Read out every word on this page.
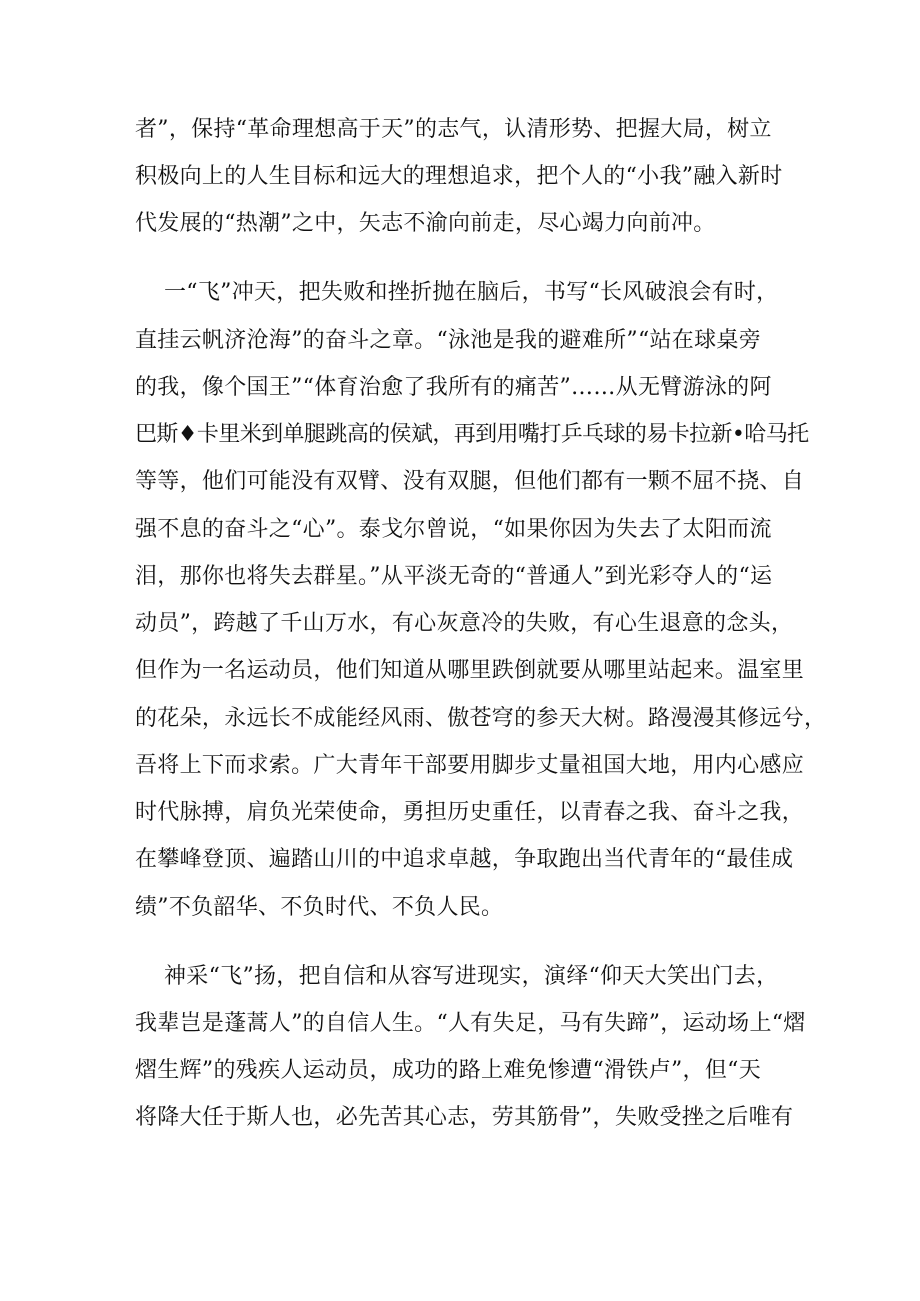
者”，保持“革命理想高于天”的志气，认清形势、把握大局，树立
积极向上的人生目标和远大的理想追求，把个人的“小我”融入新时
代发展的“热潮”之中，矢志不渝向前走，尽心竭力向前冲。
一“飞”冲天，把失败和挫折抛在脑后，书写“长风破浪会有时，
直挂云帆济沧海”的奋斗之章。“泳池是我的避难所”“站在球桌旁
的我，像个国王”“体育治愈了我所有的痛苦”……从无臂游泳的阿
巴斯♦卡里米到单腿跳高的侯斌，再到用嘴打乒乓球的易卡拉新•哈马托
等等，他们可能没有双臂、没有双腿，但他们都有一颗不屈不挠、自
强不息的奋斗之“心”。泰戈尔曾说，“如果你因为失去了太阳而流
泪，那你也将失去群星。”从平淡无奇的“普通人”到光彩夺人的“运
动员”，跨越了千山万水，有心灰意冷的失败，有心生退意的念头，
但作为一名运动员，他们知道从哪里跌倒就要从哪里站起来。温室里
的花朵，永远长不成能经风雨、傲苍穹的参天大树。路漫漫其修远兮，
吾将上下而求索。广大青年干部要用脚步丈量祖国大地，用内心感应
时代脉搏，肩负光荣使命，勇担历史重任，以青春之我、奋斗之我，
在攀峰登顶、遍踏山川的中追求卓越，争取跑出当代青年的“最佳成
绩”不负韶华、不负时代、不负人民。
神采“飞”扬，把自信和从容写进现实，演绎“仰天大笑出门去，
我辈岂是蓬蒿人”的自信人生。“人有失足，马有失蹄”，运动场上“熠
熠生辉”的残疾人运动员，成功的路上难免惨遭“滑铁卢”，但“天
将降大任于斯人也，必先苦其心志，劳其筋骨”，失败受挫之后唯有
